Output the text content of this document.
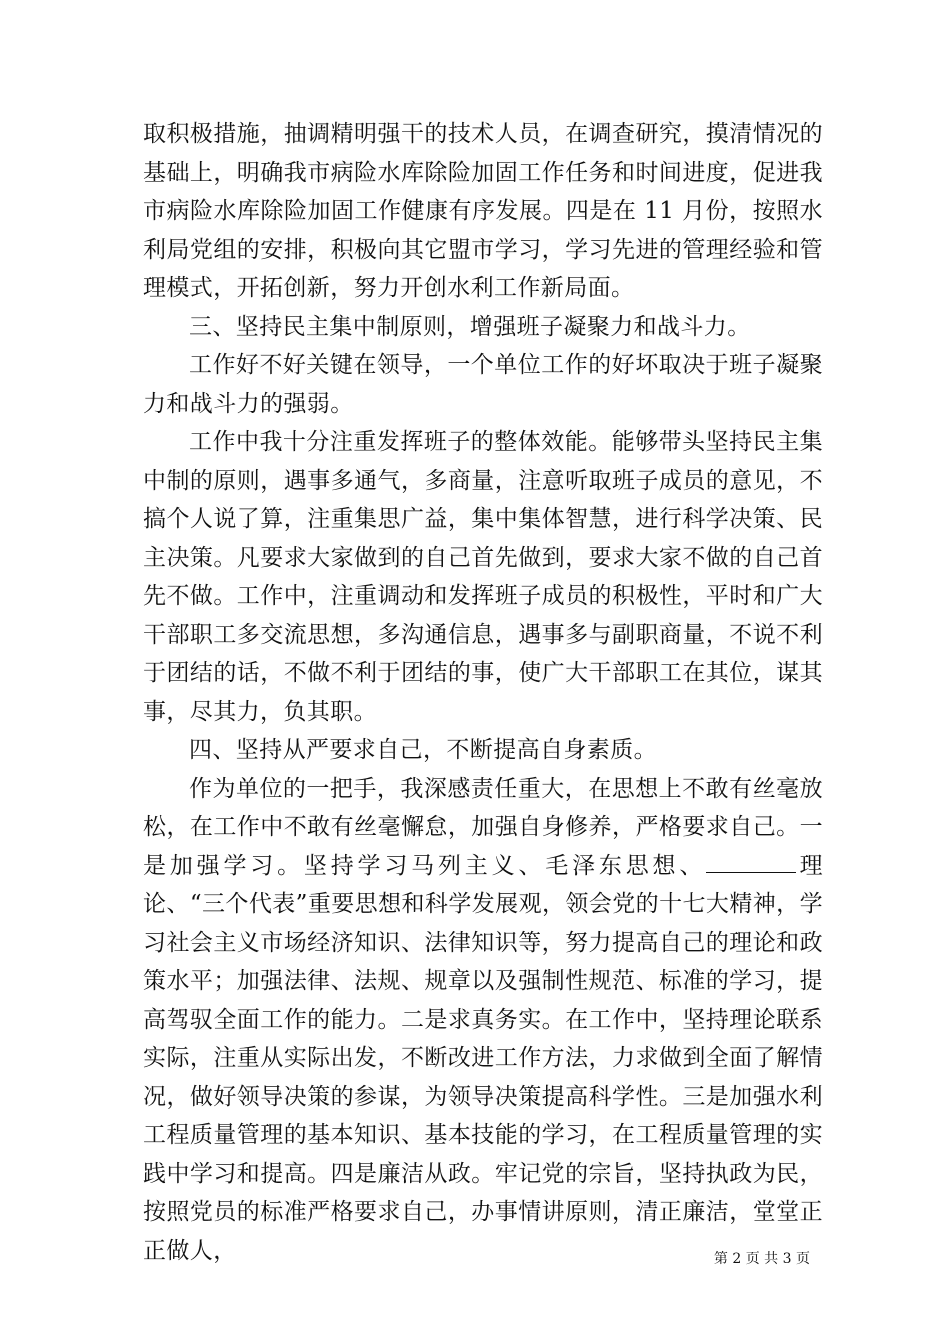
取积极措施，抽调精明强干的技术人员，在调查研究，摸清情况的基础上，明确我市病险水库除险加固工作任务和时间进度，促进我市病险水库除险加固工作健康有序发展。四是在 11 月份，按照水利局党组的安排，积极向其它盟市学习，学习先进的管理经验和管理模式，开拓创新，努力开创水利工作新局面。

三、坚持民主集中制原则，增强班子凝聚力和战斗力。

工作好不好关键在领导，一个单位工作的好坏取决于班子凝聚力和战斗力的强弱。

工作中我十分注重发挥班子的整体效能。能够带头坚持民主集中制的原则，遇事多通气，多商量，注意听取班子成员的意见，不搞个人说了算，注重集思广益，集中集体智慧，进行科学决策、民主决策。凡要求大家做到的自己首先做到，要求大家不做的自己首先不做。工作中，注重调动和发挥班子成员的积极性，平时和广大干部职工多交流思想，多沟通信息，遇事多与副职商量，不说不利于团结的话，不做不利于团结的事，使广大干部职工在其位，谋其事，尽其力，负其职。

四、坚持从严要求自己，不断提高自身素质。

作为单位的一把手，我深感责任重大，在思想上不敢有丝毫放松，在工作中不敢有丝毫懈怠，加强自身修养，严格要求自己。一是加强学习。坚持学习马列主义、毛泽东思想、	理论、“三个代表”重要思想和科学发展观，领会党的十七大精神，学习社会主义市场经济知识、法律知识等，努力提高自己的理论和政策水平；加强法律、法规、规章以及强制性规范、标准的学习，提高驾驭全面工作的能力。二是求真务实。在工作中，坚持理论联系实际，注重从实际出发，不断改进工作方法，力求做到全面了解情况，做好领导决策的参谋，为领导决策提高科学性。三是加强水利工程质量管理的基本知识、基本技能的学习，在工程质量管理的实践中学习和提高。四是廉洁从政。牢记党的宗旨，坚持执政为民，按照党员的标准严格要求自己，办事情讲原则，清正廉洁，堂堂正正做人，	第 2 页 共 3 页
